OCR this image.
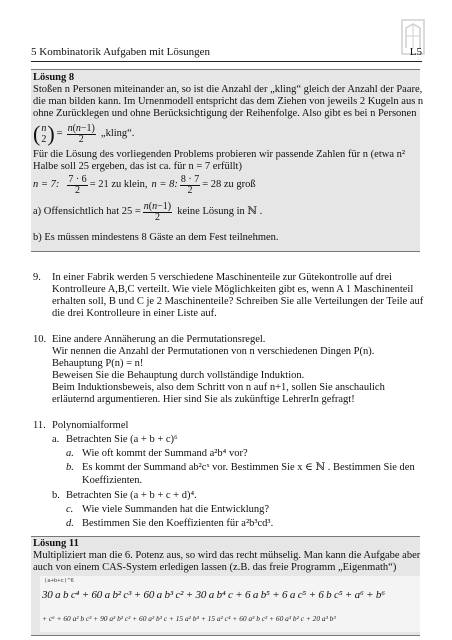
5 Kombinatorik Aufgaben mit Lösungen	L5
Lösung 8
Stoßen n Personen miteinander an, so ist die Anzahl der „kling“ gleich der Anzahl der Paare,
die man bilden kann. Im Urnenmodell entspricht das dem Ziehen von jeweils 2 Kugeln aus n
ohne Zurücklegen und ohne Berücksichtigung der Reihenfolge. Also gibt es bei n Personen
( n
2 ) = $\frac{n(n-1)}{2}$ „kling“.
Für die Lösung des vorliegenden Problems probieren wir passende Zahlen für n (etwa n²
Halbe soll 25 ergeben, das ist ca. für n = 7 erfüllt)
n = 7: $\frac{7 \cdot 6}{2} = 21$ zu klein, n = 8: $\frac{8 \cdot 7}{2} = 28$ zu groß
a) Offensichtlich hat $25 = \frac{n(n-1)}{2}$ keine Lösung in ℕ .
b) Es müssen mindestens 8 Gäste an dem Fest teilnehmen.
9. In einer Fabrik werden 5 verschiedene Maschinenteile zur Gütekontrolle auf drei
Kontrolleure A,B,C verteilt. Wie viele Möglichkeiten gibt es, wenn A 1 Maschinenteil
erhalten soll, B und C je 2 Maschinenteile? Schreiben Sie alle Verteilungen der Teile auf
die drei Kontrolleure in einer Liste auf.
10. Eine andere Annäherung an die Permutationsregel.
Wir nennen die Anzahl der Permutationen von n verschiedenen Dingen P(n).
Behauptung P(n) = n!
Beweisen Sie die Behauptung durch vollständige Induktion.
Beim Induktionsbeweis, also dem Schritt von n auf n+1, sollen Sie anschaulich
erläuternd argumentieren. Hier sind Sie als zukünftige LehrerIn gefragt!
11. Polynomialformel
a. Betrachten Sie (a + b + c)⁶
a. Wie oft kommt der Summand a²b⁴ vor?
b. Es kommt der Summand ab²cˣ vor. Bestimmen Sie x ∈ ℕ . Bestimmen Sie den
Koeffizienten.
b. Betrachten Sie (a + b + c + d)⁴.
c. Wie viele Summanden hat die Entwicklung?
d. Bestimmen Sie den Koeffizienten für a²b³cd³.
Lösung 11
Multipliziert man die 6. Potenz aus, so wird das recht mühselig. Man kann die Aufgabe aber
auch von einem CAS-System erledigen lassen (z.B. das freie Programm „Eigenmath“)
(a+b+c)^6
30 a b c⁴ + 60 a b² c³ + 60 a b³ c² + 30 a b⁴ c + 6 a b⁵ + 6 a c⁵ + 6 b c⁵ + a⁶ + b⁶
+ c⁶ + 60 a² b c³ + 90 a² b² c² + 60 a² b³ c + 15 a² b⁴ + 15 a² c⁴ + 60 a³ b c² + 60 a³ b² c + 20 a³ b³
